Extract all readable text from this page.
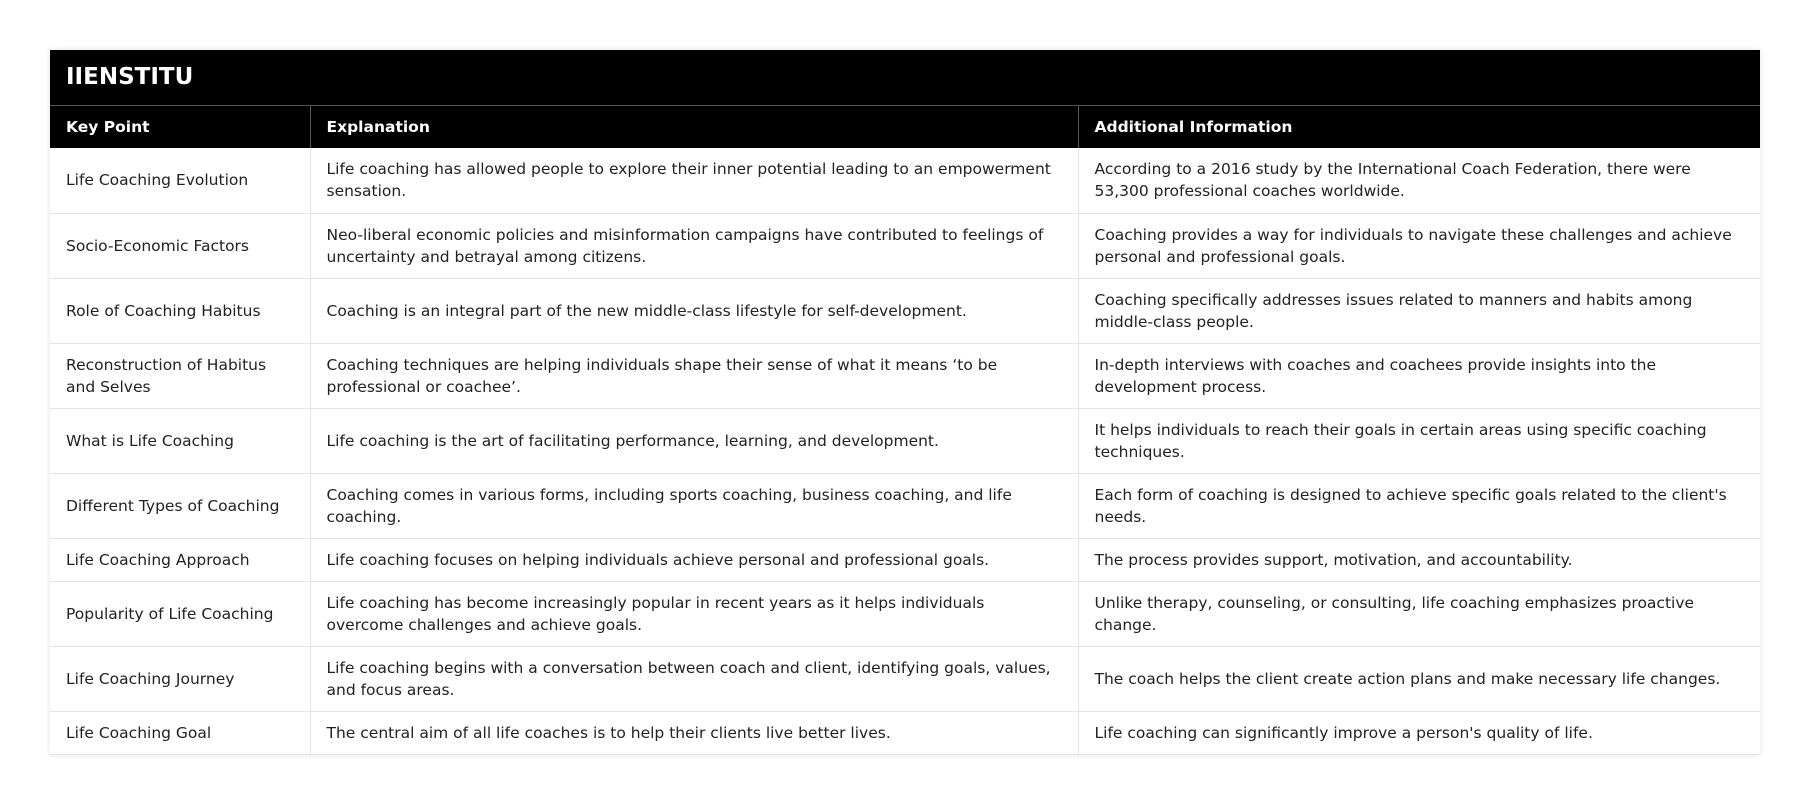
IIENSTITU
Key Point	Explanation	Additional Information
Life Coaching Evolution	Life coaching has allowed people to explore their inner potential leading to an empowerment sensation.	According to a 2016 study by the International Coach Federation, there were 53,300 professional coaches worldwide.
Socio-Economic Factors	Neo-liberal economic policies and misinformation campaigns have contributed to feelings of uncertainty and betrayal among citizens.	Coaching provides a way for individuals to navigate these challenges and achieve personal and professional goals.
Role of Coaching Habitus	Coaching is an integral part of the new middle-class lifestyle for self-development.	Coaching specifically addresses issues related to manners and habits among middle-class people.
Reconstruction of Habitus and Selves	Coaching techniques are helping individuals shape their sense of what it means ‘to be professional or coachee’.	In-depth interviews with coaches and coachees provide insights into the development process.
What is Life Coaching	Life coaching is the art of facilitating performance, learning, and development.	It helps individuals to reach their goals in certain areas using specific coaching techniques.
Different Types of Coaching	Coaching comes in various forms, including sports coaching, business coaching, and life coaching.	Each form of coaching is designed to achieve specific goals related to the client's needs.
Life Coaching Approach	Life coaching focuses on helping individuals achieve personal and professional goals.	The process provides support, motivation, and accountability.
Popularity of Life Coaching	Life coaching has become increasingly popular in recent years as it helps individuals overcome challenges and achieve goals.	Unlike therapy, counseling, or consulting, life coaching emphasizes proactive change.
Life Coaching Journey	Life coaching begins with a conversation between coach and client, identifying goals, values, and focus areas.	The coach helps the client create action plans and make necessary life changes.
Life Coaching Goal	The central aim of all life coaches is to help their clients live better lives.	Life coaching can significantly improve a person's quality of life.
